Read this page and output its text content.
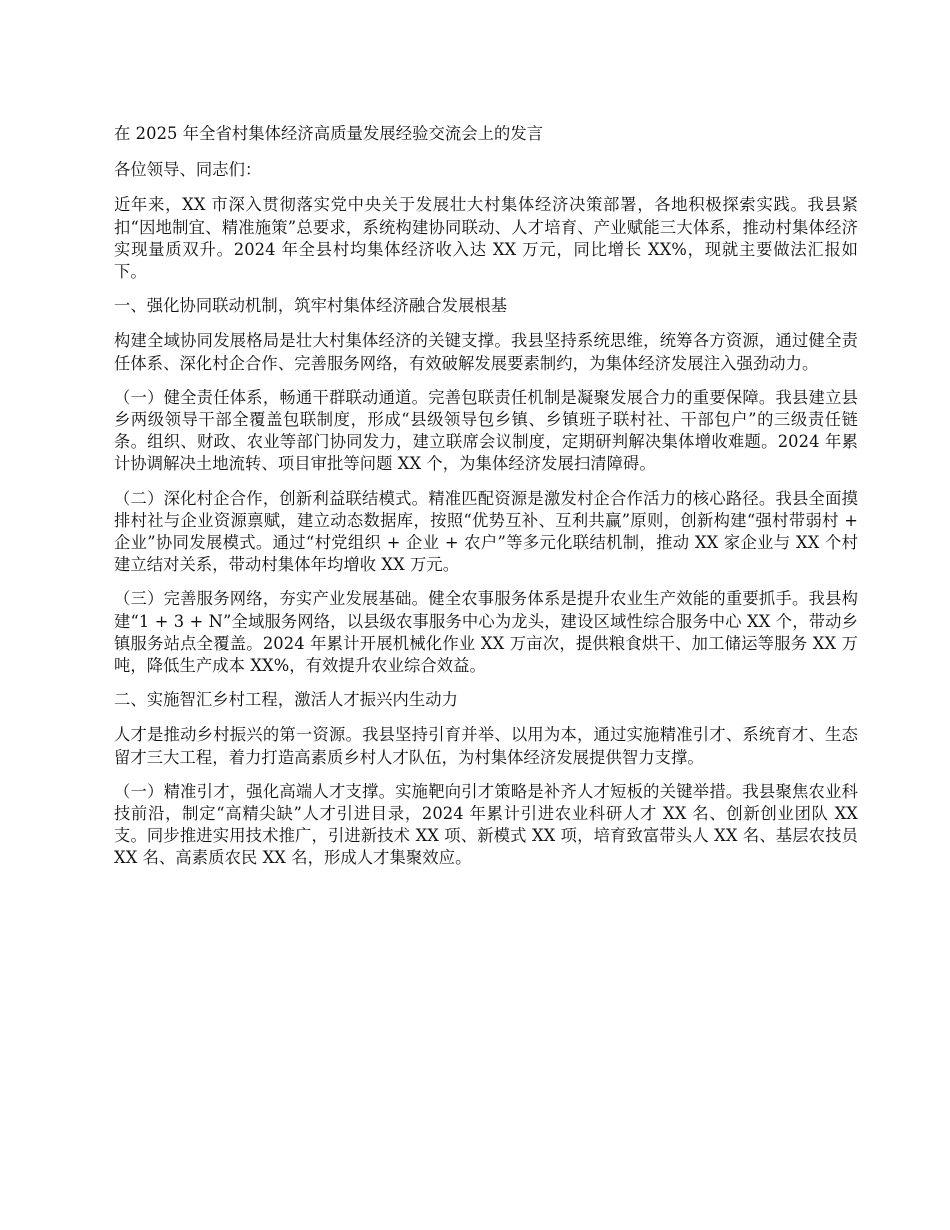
在 2025 年全省村集体经济高质量发展经验交流会上的发言

各位领导、同志们：

近年来，XX 市深入贯彻落实党中央关于发展壮大村集体经济决策部署，各地积极探索实践。我县紧扣“因地制宜、精准施策”总要求，系统构建协同联动、人才培育、产业赋能三大体系，推动村集体经济实现量质双升。2024 年全县村均集体经济收入达 XX 万元，同比增长 XX%，现就主要做法汇报如下。

一、强化协同联动机制，筑牢村集体经济融合发展根基

构建全域协同发展格局是壮大村集体经济的关键支撑。我县坚持系统思维，统筹各方资源，通过健全责任体系、深化村企合作、完善服务网络，有效破解发展要素制约，为集体经济发展注入强劲动力。

（一）健全责任体系，畅通干群联动通道。完善包联责任机制是凝聚发展合力的重要保障。我县建立县乡两级领导干部全覆盖包联制度，形成“县级领导包乡镇、乡镇班子联村社、干部包户”的三级责任链条。组织、财政、农业等部门协同发力，建立联席会议制度，定期研判解决集体增收难题。2024 年累计协调解决土地流转、项目审批等问题 XX 个，为集体经济发展扫清障碍。

（二）深化村企合作，创新利益联结模式。精准匹配资源是激发村企合作活力的核心路径。我县全面摸排村社与企业资源禀赋，建立动态数据库，按照“优势互补、互利共赢”原则，创新构建“强村带弱村 + 企业”协同发展模式。通过“村党组织 + 企业 + 农户”等多元化联结机制，推动 XX 家企业与 XX 个村建立结对关系，带动村集体年均增收 XX 万元。

（三）完善服务网络，夯实产业发展基础。健全农事服务体系是提升农业生产效能的重要抓手。我县构建“1 + 3 + N”全域服务网络，以县级农事服务中心为龙头，建设区域性综合服务中心 XX 个，带动乡镇服务站点全覆盖。2024 年累计开展机械化作业 XX 万亩次，提供粮食烘干、加工储运等服务 XX 万吨，降低生产成本 XX%，有效提升农业综合效益。

二、实施智汇乡村工程，激活人才振兴内生动力

人才是推动乡村振兴的第一资源。我县坚持引育并举、以用为本，通过实施精准引才、系统育才、生态留才三大工程，着力打造高素质乡村人才队伍，为村集体经济发展提供智力支撑。

（一）精准引才，强化高端人才支撑。实施靶向引才策略是补齐人才短板的关键举措。我县聚焦农业科技前沿，制定“高精尖缺”人才引进目录，2024 年累计引进农业科研人才 XX 名、创新创业团队 XX 支。同步推进实用技术推广，引进新技术 XX 项、新模式 XX 项，培育致富带头人 XX 名、基层农技员 XX 名、高素质农民 XX 名，形成人才集聚效应。
